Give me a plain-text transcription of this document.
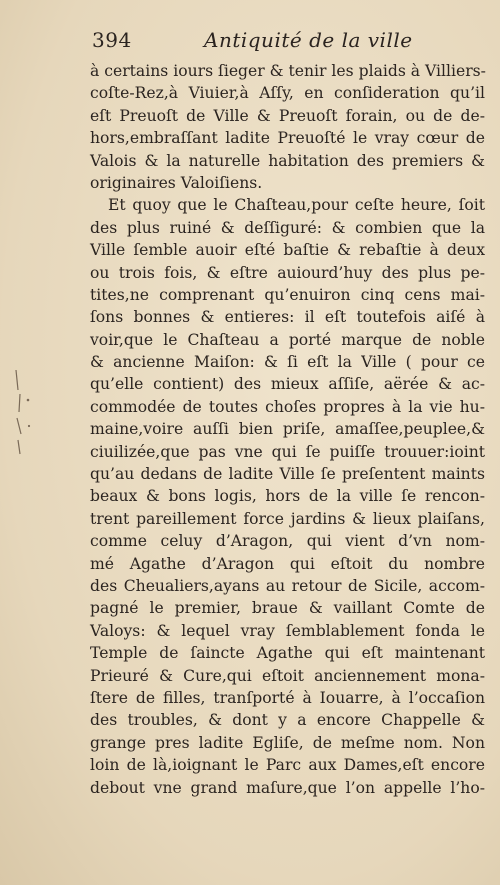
394	Antiquité de la ville
à certains iours ſieger & tenir les plaids à Villiers-
coſte-Rez,à Viuier,à Aſſy, en conſideration qu’il
eſt Preuoſt de Ville & Preuoſt forain, ou de de-
hors,embraſſant ladite Preuoſté le vray cœur de
Valois & la naturelle habitation des premiers &
originaires Valoiſiens.
Et quoy que le Chaſteau,pour ceſte heure, ſoit
des plus ruiné & deſſiguré: & combien que la
Ville ſemble auoir eſté baſtie & rebaſtie à deux
ou trois fois, & eſtre auiourd’huy des plus pe-
tites,ne comprenant qu’enuiron cinq cens mai-
ſons bonnes & entieres: il eſt toutefois aiſé à
voir,que le Chaſteau a porté marque de noble
& ancienne Maiſon: & ſi eſt la Ville ( pour ce
qu’elle contient) des mieux aſſiſe, aërée & ac-
commodée de toutes choſes propres à la vie hu-
maine,voire auſſi bien priſe, amaſſee,peuplee,&
ciuilizée,que pas vne qui ſe puiſſe trouuer:ioint
qu’au dedans de ladite Ville ſe preſentent maints
beaux & bons logis, hors de la ville ſe rencon-
trent pareillement force jardins & lieux plaiſans,
comme celuy d’Aragon, qui vient d’vn nom-
mé Agathe d’Aragon qui eſtoit du nombre
des Cheualiers,ayans au retour de Sicile, accom-
pagné le premier, braue & vaillant Comte de
Valoys: & lequel vray ſemblablement fonda le
Temple de ſaincte Agathe qui eſt maintenant
Prieuré & Cure,qui eſtoit anciennement mona-
ſtere de filles, tranſporté à Iouarre, à l’occaſion
des troubles, & dont y a encore Chappelle &
grange pres ladite Egliſe, de meſme nom. Non
loin de là,ioignant le Parc aux Dames,eſt encore
debout vne grand maſure,que l’on appelle l’ho-
